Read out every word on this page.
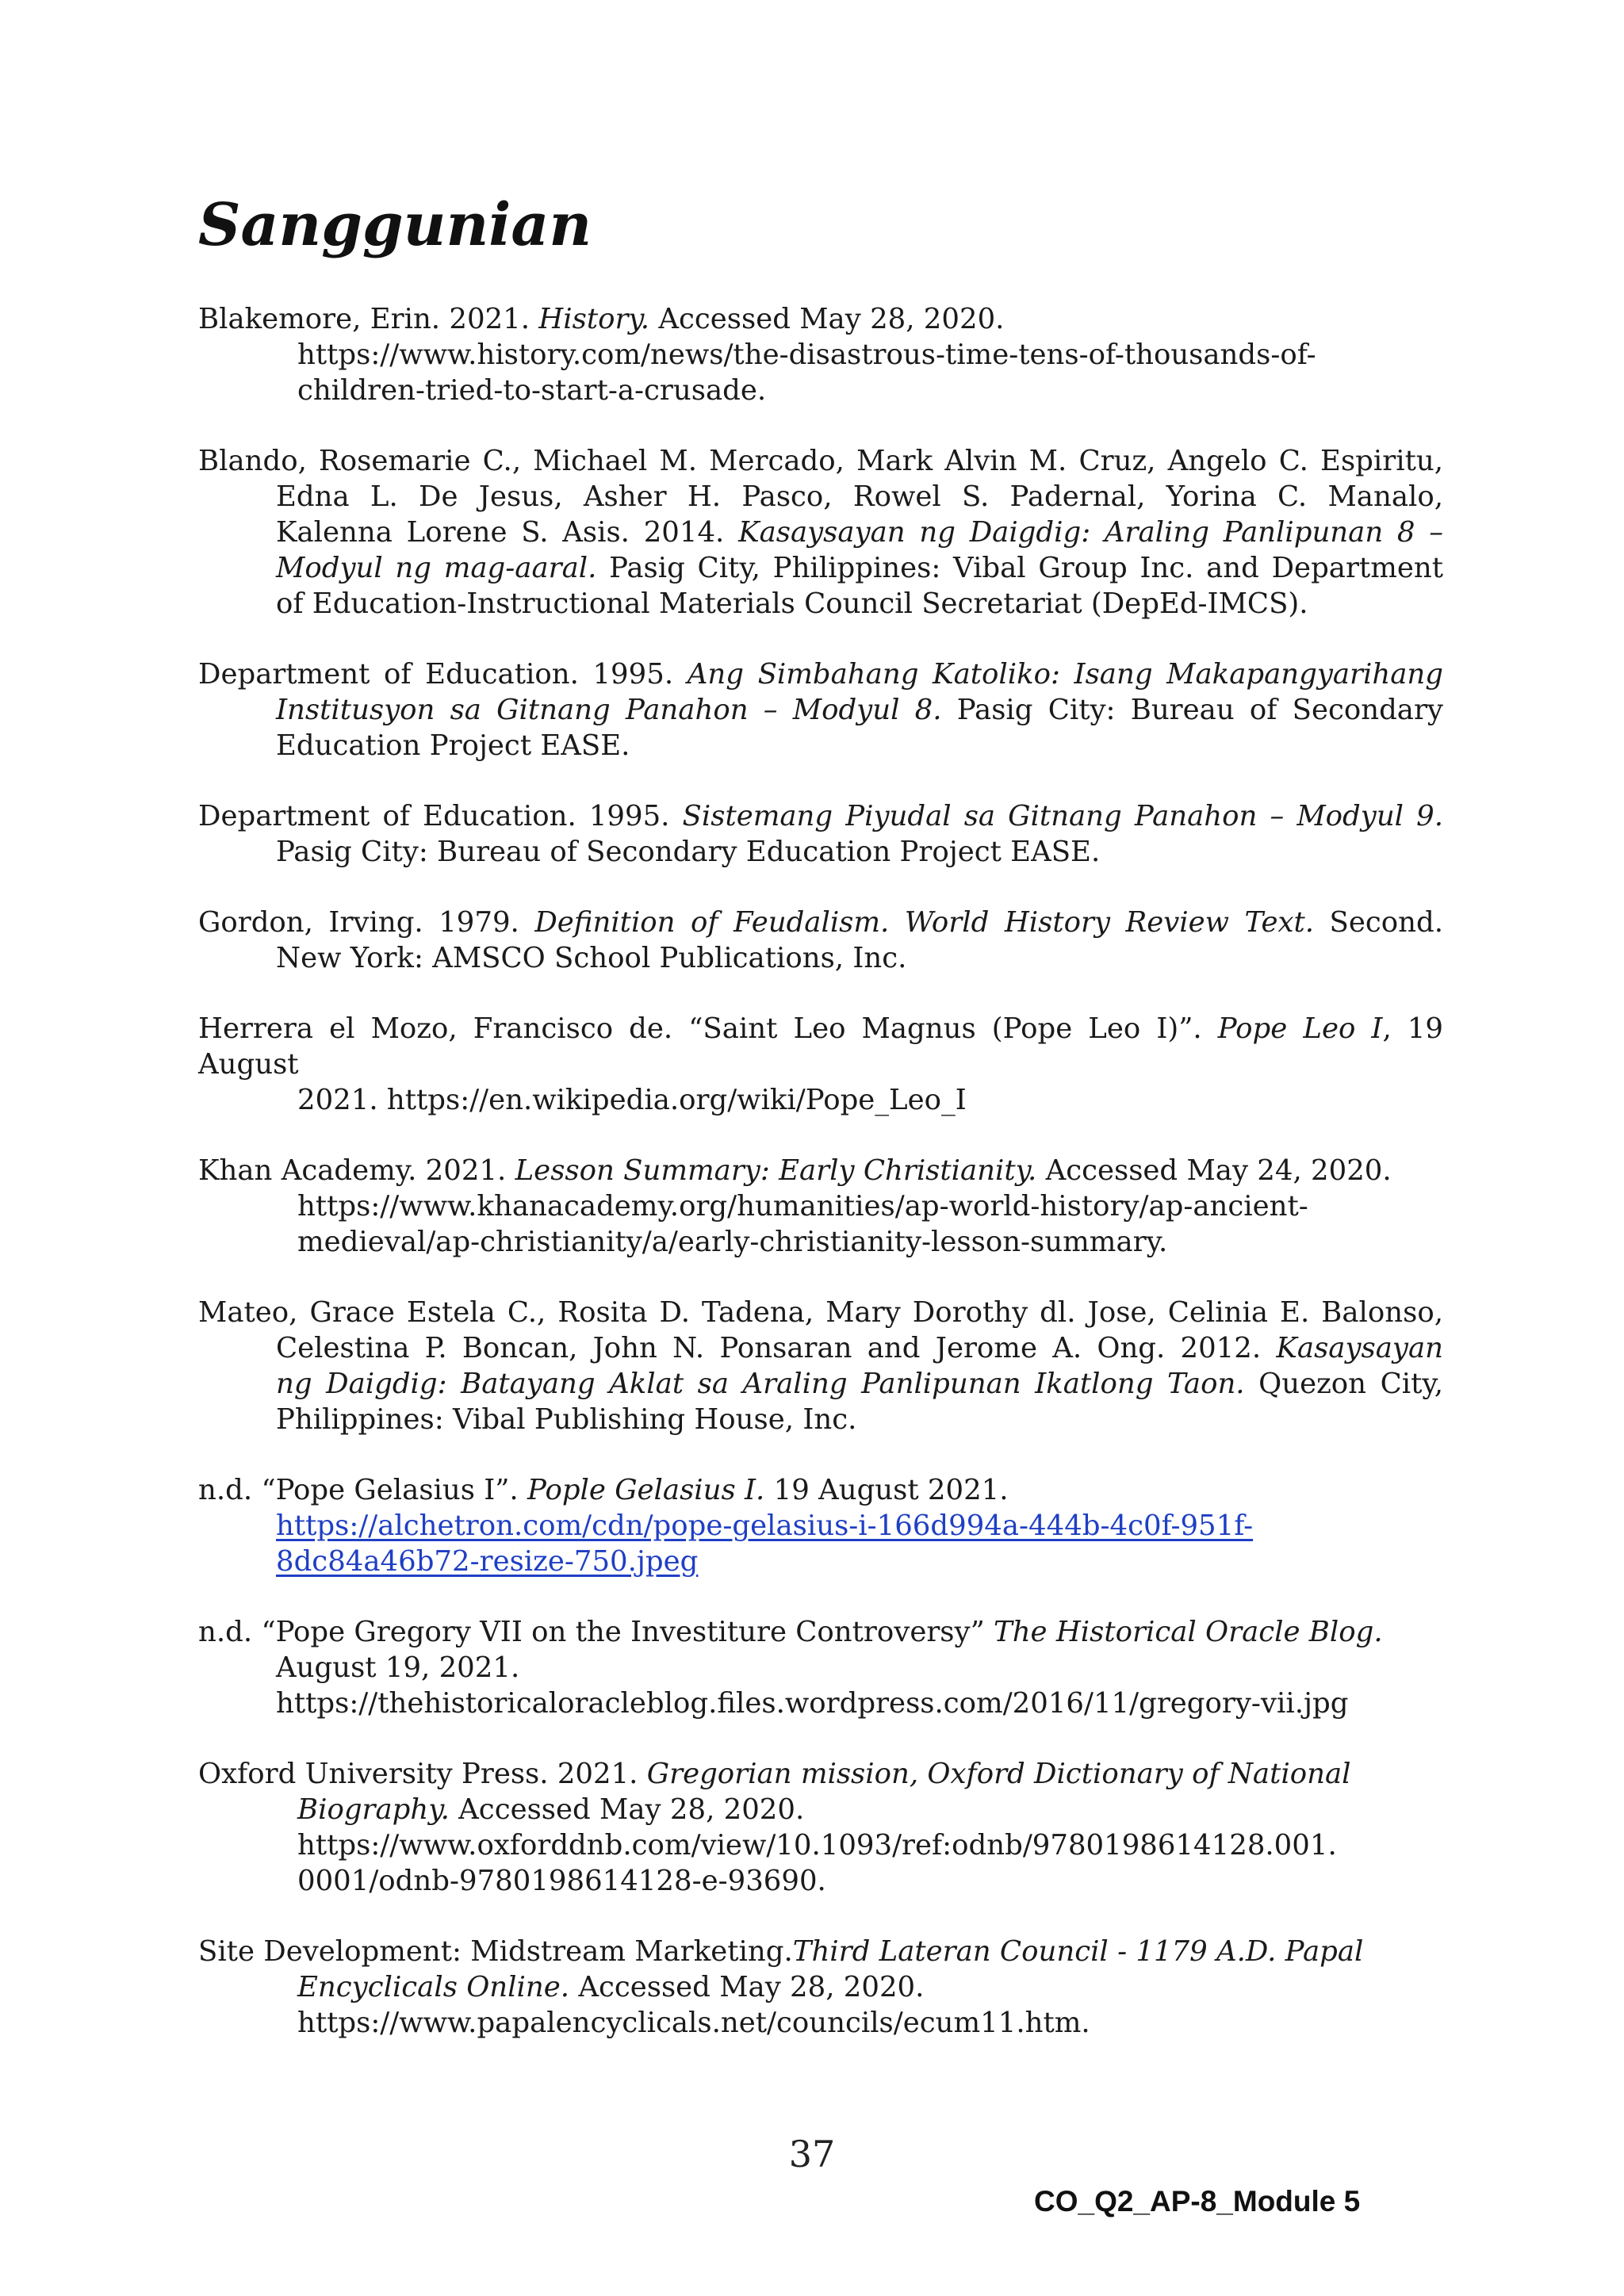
Sanggunian
Blakemore, Erin. 2021. History. Accessed May 28, 2020.
https://www.history.com/news/the-disastrous-time-tens-of-thousands-of-
children-tried-to-start-a-crusade.
Blando, Rosemarie C., Michael M. Mercado, Mark Alvin M. Cruz, Angelo C. Espiritu,
Edna L. De Jesus, Asher H. Pasco, Rowel S. Padernal, Yorina C. Manalo,
Kalenna Lorene S. Asis. 2014. Kasaysayan ng Daigdig: Araling Panlipunan 8 –
Modyul ng mag-aaral. Pasig City, Philippines: Vibal Group Inc. and Department
of Education-Instructional Materials Council Secretariat (DepEd-IMCS).
Department of Education. 1995. Ang Simbahang Katoliko: Isang Makapangyarihang
Institusyon sa Gitnang Panahon – Modyul 8. Pasig City: Bureau of Secondary
Education Project EASE.
Department of Education. 1995. Sistemang Piyudal sa Gitnang Panahon – Modyul 9.
Pasig City: Bureau of Secondary Education Project EASE.
Gordon, Irving. 1979. Definition of Feudalism. World History Review Text. Second.
New York: AMSCO School Publications, Inc.
Herrera el Mozo, Francisco de. “Saint Leo Magnus (Pope Leo I)”. Pope Leo I, 19 August
2021. https://en.wikipedia.org/wiki/Pope_Leo_I
Khan Academy. 2021. Lesson Summary: Early Christianity. Accessed May 24, 2020.
https://www.khanacademy.org/humanities/ap-world-history/ap-ancient-
medieval/ap-christianity/a/early-christianity-lesson-summary.
Mateo, Grace Estela C., Rosita D. Tadena, Mary Dorothy dl. Jose, Celinia E. Balonso,
Celestina P. Boncan, John N. Ponsaran and Jerome A. Ong. 2012. Kasaysayan
ng Daigdig: Batayang Aklat sa Araling Panlipunan Ikatlong Taon. Quezon City,
Philippines: Vibal Publishing House, Inc.
n.d. “Pope Gelasius I”. Pople Gelasius I. 19 August 2021.
https://alchetron.com/cdn/pope-gelasius-i-166d994a-444b-4c0f-951f-
8dc84a46b72-resize-750.jpeg
n.d. “Pope Gregory VII on the Investiture Controversy” The Historical Oracle Blog.
August 19, 2021.
https://thehistoricaloracleblog.files.wordpress.com/2016/11/gregory-vii.jpg
Oxford University Press. 2021. Gregorian mission, Oxford Dictionary of National
Biography. Accessed May 28, 2020.
https://www.oxforddnb.com/view/10.1093/ref:odnb/9780198614128.001.
0001/odnb-9780198614128-e-93690.
Site Development: Midstream Marketing.Third Lateran Council - 1179 A.D. Papal
Encyclicals Online. Accessed May 28, 2020.
https://www.papalencyclicals.net/councils/ecum11.htm.
37
CO_Q2_AP-8_Module 5
